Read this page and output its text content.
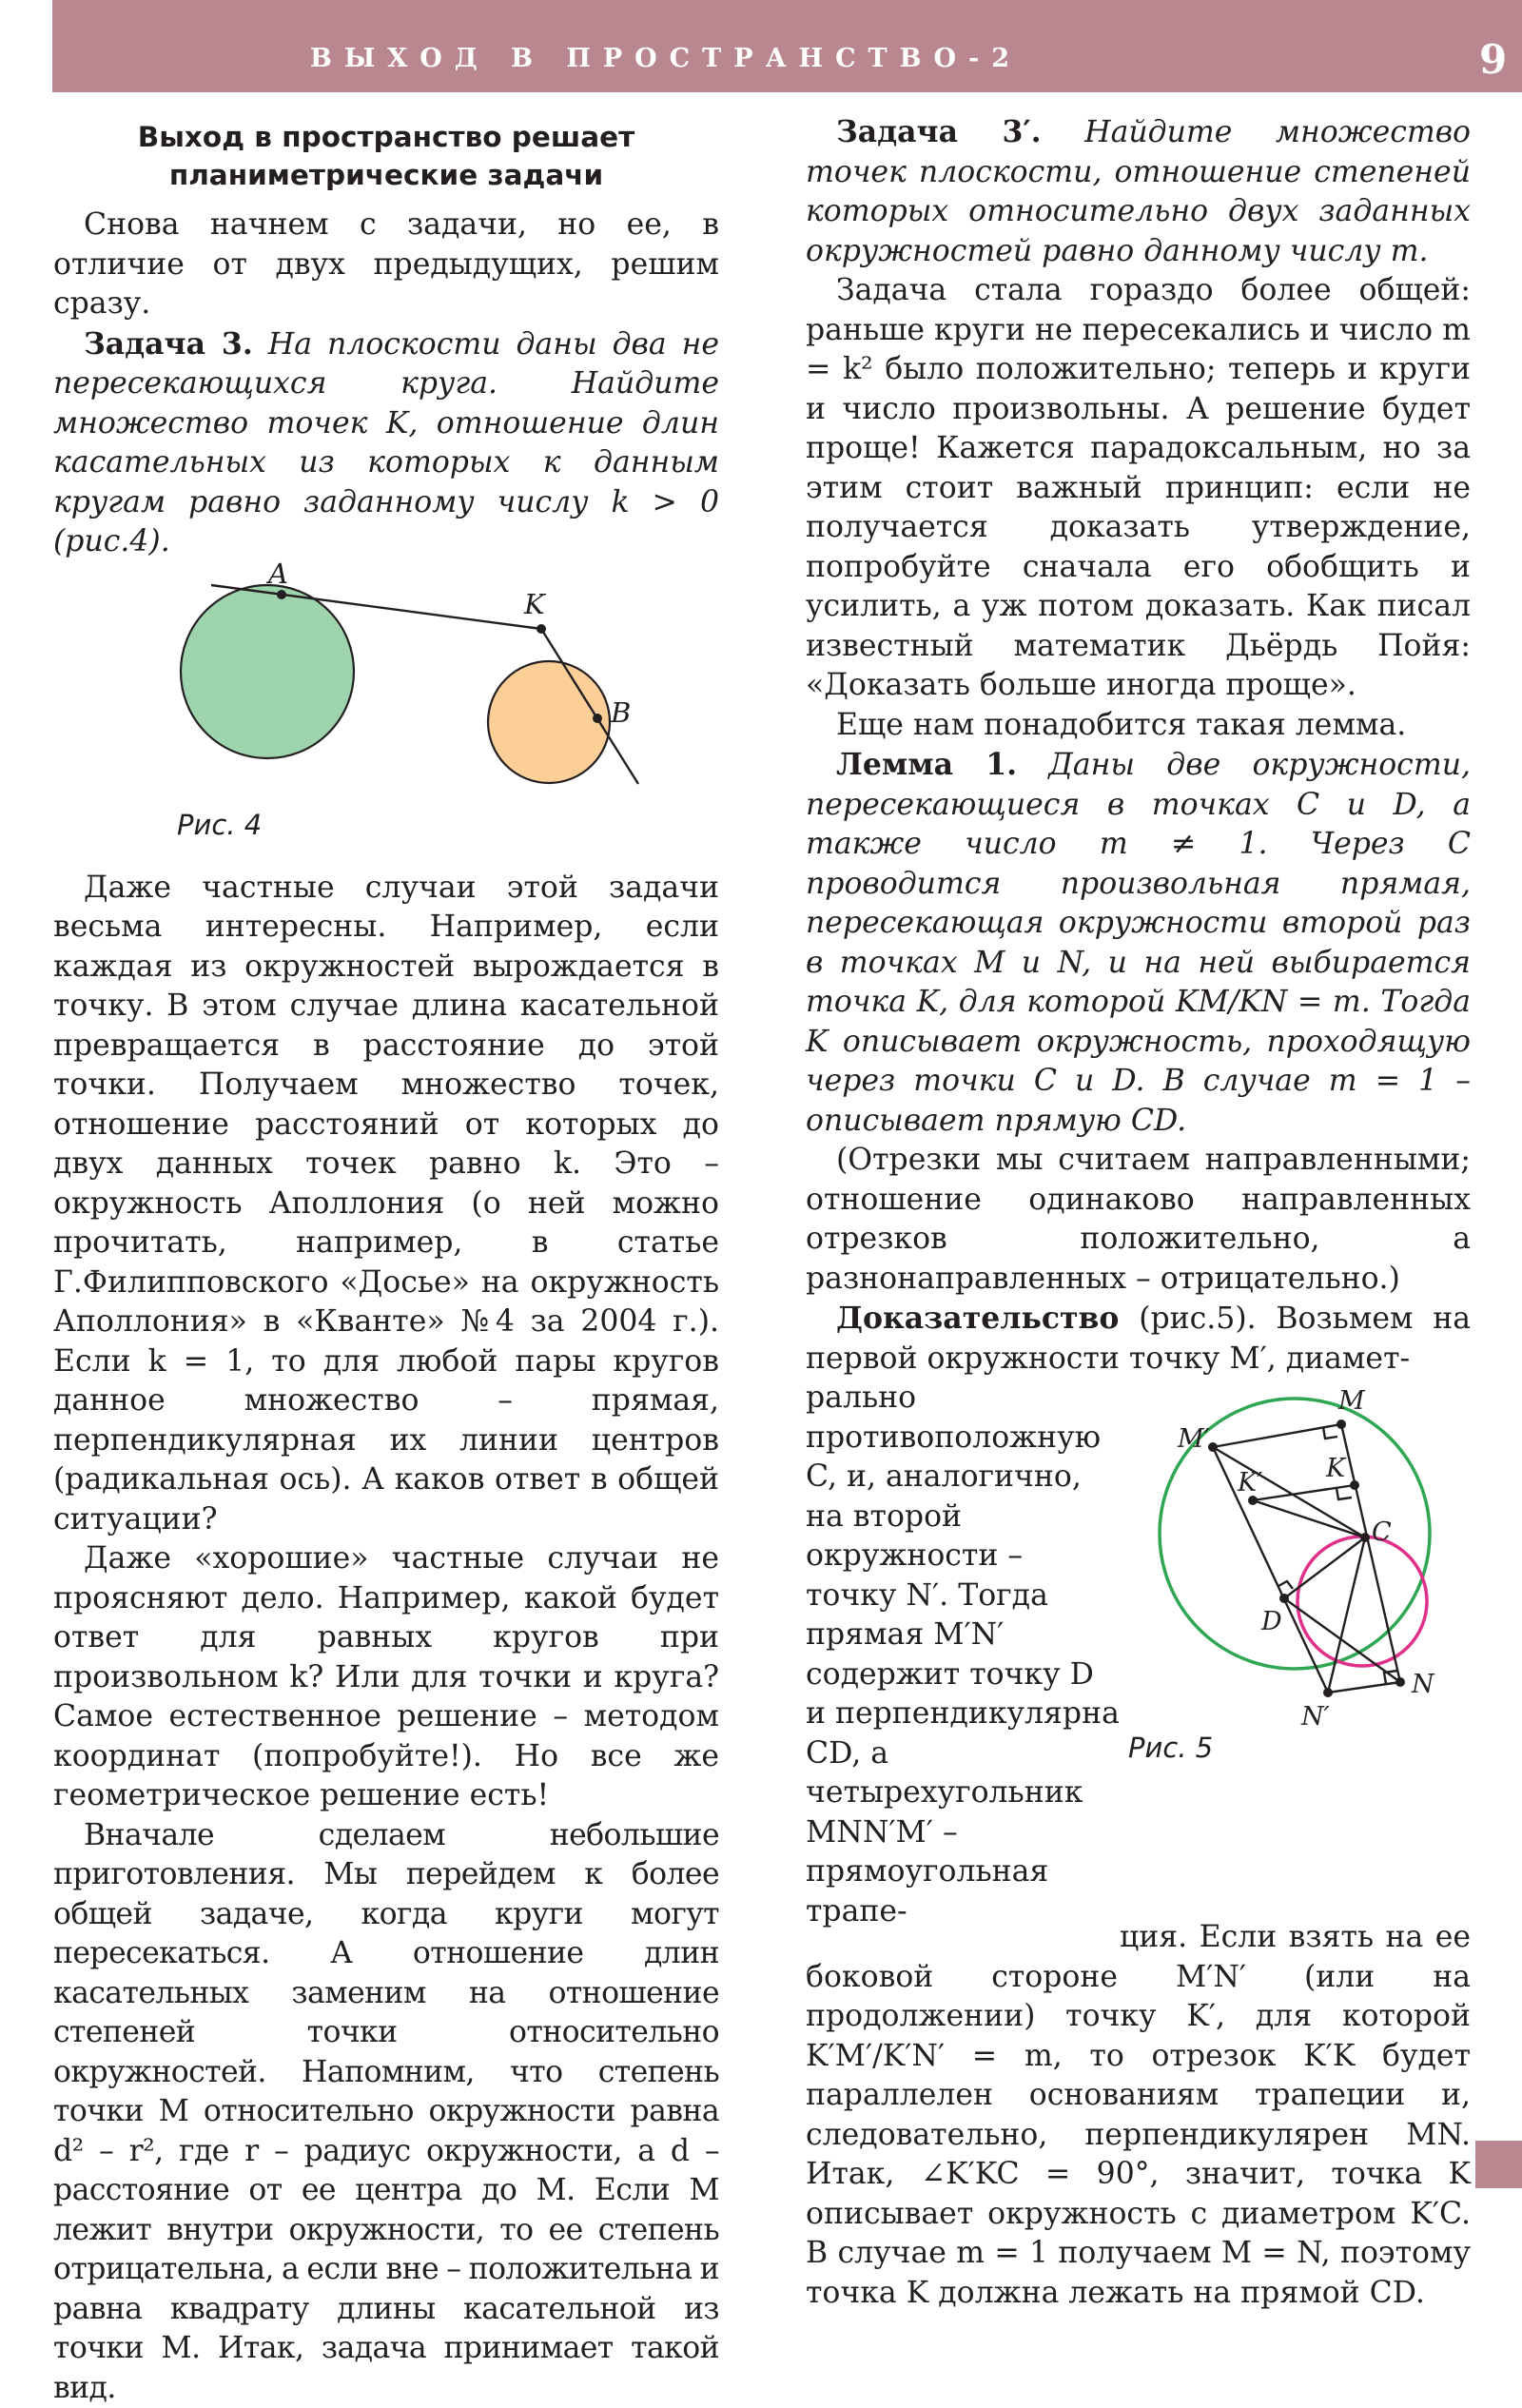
ВЫХОД В ПРОСТРАНСТВО-2	9
Выход в пространство решает планиметрические задачи

Снова начнем с задачи, но ее, в отличие от двух предыдущих, решим сразу.

Задача 3. На плоскости даны два не пересекающихся круга. Найдите множество точек K, отношение длин касательных из которых к данным кругам равно заданному числу k > 0 (рис.4).

A
K
B
Рис. 4

Даже частные случаи этой задачи весьма интересны. Например, если каждая из окружностей вырождается в точку. В этом случае длина касательной превращается в расстояние до этой точки. Получаем множество точек, отношение расстояний от которых до двух данных точек равно k. Это – окружность Аполлония (о ней можно прочитать, например, в статье Г.Филипповского «Досье» на окружность Аполлония» в «Кванте» №4 за 2004 г.). Если k = 1, то для любой пары кругов данное множество – прямая, перпендикулярная их линии центров (радикальная ось). А каков ответ в общей ситуации?

Даже «хорошие» частные случаи не проясняют дело. Например, какой будет ответ для равных кругов при произвольном k? Или для точки и круга? Самое естественное решение – методом координат (попробуйте!). Но все же геометрическое решение есть!

Вначале сделаем небольшие приготовления. Мы перейдем к более общей задаче, когда круги могут пересекаться. А отношение длин касательных заменим на отношение степеней точки относительно окружностей. Напомним, что степень точки M относительно окружности равна d² – r², где r – радиус окружности, а d – расстояние от ее центра до M. Если M лежит внутри окружности, то ее степень отрицательна, а если вне – положительна и равна квадрату длины касательной из точки M. Итак, задача принимает такой вид.

Задача 3′. Найдите множество точек плоскости, отношение степеней которых относительно двух заданных окружностей равно данному числу m.

Задача стала гораздо более общей: раньше круги не пересекались и число m = k² было положительно; теперь и круги и число произвольны. А решение будет проще! Кажется парадоксальным, но за этим стоит важный принцип: если не получается доказать утверждение, попробуйте сначала его обобщить и усилить, а уж потом доказать. Как писал известный математик Дьёрдь Пойя: «Доказать больше иногда проще».

Еще нам понадобится такая лемма.

Лемма 1. Даны две окружности, пересекающиеся в точках C и D, а также число m ≠ 1. Через C проводится произвольная прямая, пересекающая окружности второй раз в точках M и N, и на ней выбирается точка K, для которой KM/KN = m. Тогда K описывает окружность, проходящую через точки C и D. В случае m = 1 – описывает прямую CD.

(Отрезки мы считаем направленными; отношение одинаково направленных отрезков положительно, а разнонаправленных – отрицательно.)

Доказательство (рис.5). Возьмем на первой окружности точку M′, диамет-

рально противоположную C, и, аналогично, на второй окружности – точку N′. Тогда прямая M′N′ содержит точку D и перпендикулярна CD, а четырехугольник MNN′M′ – прямоугольная трапе-

M
M′
K
K′
C
D
N′
N
Рис. 5

ция. Если взять на ее боковой стороне M′N′ (или на продолжении) точку K′, для которой K′M′/K′N′ = m, то отрезок K′K будет параллелен основаниям трапеции и, следовательно, перпендикулярен MN. Итак, ∠K′KC = 90°, значит, точка K описывает окружность с диаметром K′C. В случае m = 1 получаем M = N, поэтому точка K должна лежать на прямой CD.
